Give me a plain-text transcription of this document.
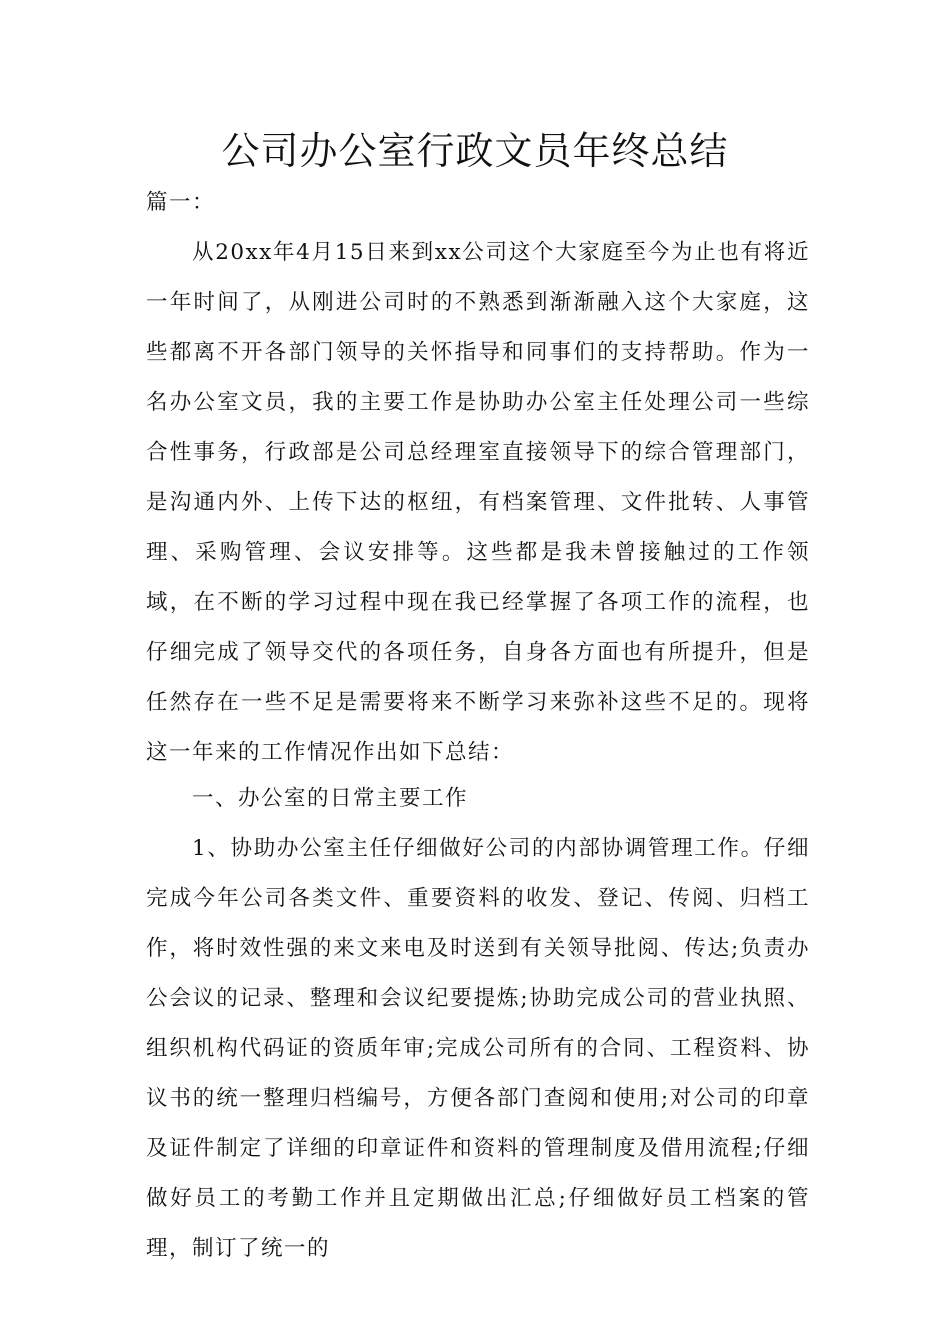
公司办公室行政文员年终总结

篇一：

从20xx年4月15日来到xx公司这个大家庭至今为止也有将近一年时间了，从刚进公司时的不熟悉到渐渐融入这个大家庭，这些都离不开各部门领导的关怀指导和同事们的支持帮助。作为一名办公室文员，我的主要工作是协助办公室主任处理公司一些综合性事务，行政部是公司总经理室直接领导下的综合管理部门，是沟通内外、上传下达的枢纽，有档案管理、文件批转、人事管理、采购管理、会议安排等。这些都是我未曾接触过的工作领域，在不断的学习过程中现在我已经掌握了各项工作的流程，也仔细完成了领导交代的各项任务，自身各方面也有所提升，但是任然存在一些不足是需要将来不断学习来弥补这些不足的。现将这一年来的工作情况作出如下总结：

一、办公室的日常主要工作

1、协助办公室主任仔细做好公司的内部协调管理工作。仔细完成今年公司各类文件、重要资料的收发、登记、传阅、归档工作，将时效性强的来文来电及时送到有关领导批阅、传达;负责办公会议的记录、整理和会议纪要提炼;协助完成公司的营业执照、组织机构代码证的资质年审;完成公司所有的合同、工程资料、协议书的统一整理归档编号，方便各部门查阅和使用;对公司的印章及证件制定了详细的印章证件和资料的管理制度及借用流程;仔细做好员工的考勤工作并且定期做出汇总;仔细做好员工档案的管理，制订了统一的
